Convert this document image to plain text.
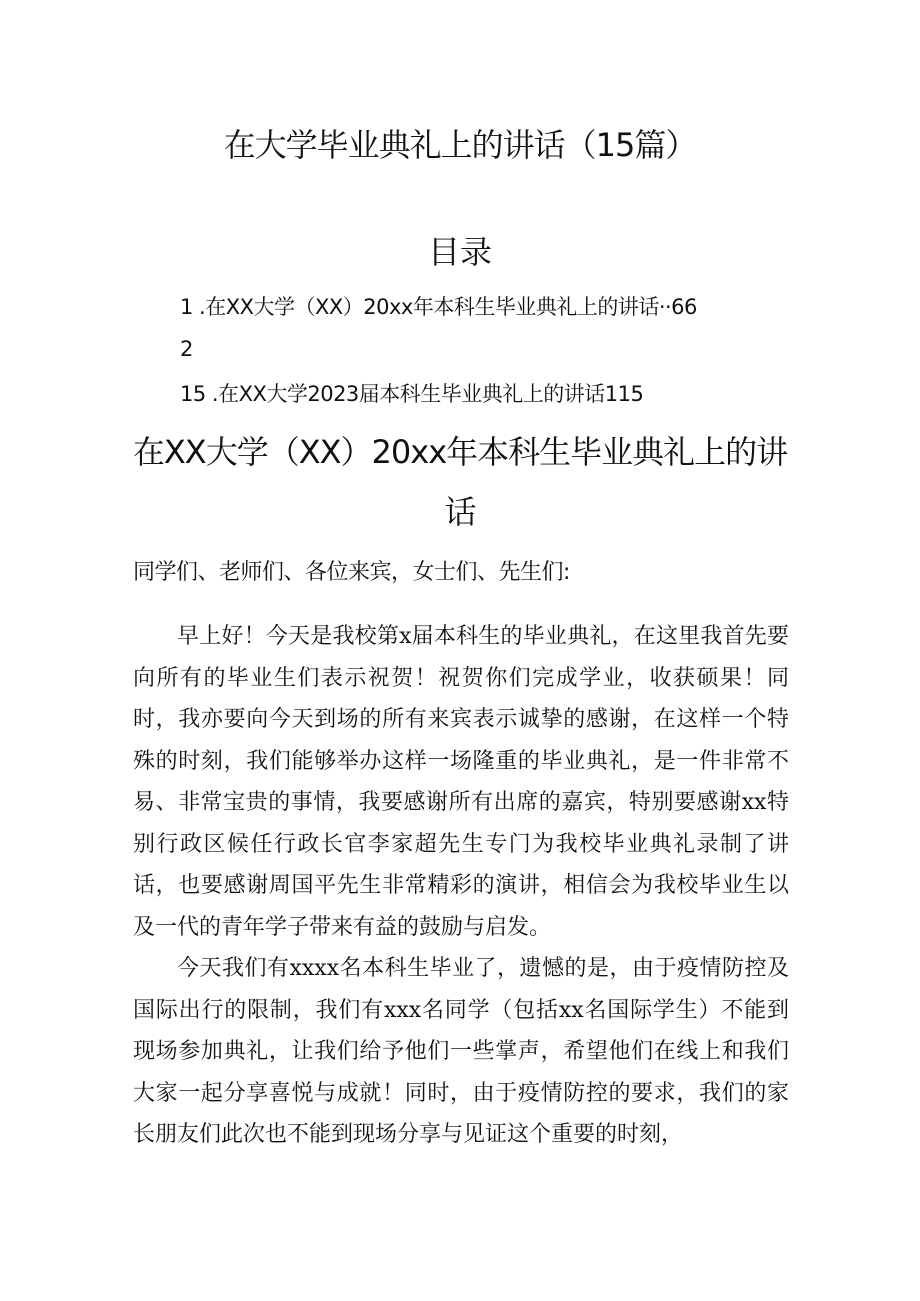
在大学毕业典礼上的讲话（15篇）
目录
1 .在XX大学（XX）20xx年本科生毕业典礼上的讲话··66
2
15 .在XX大学2023届本科生毕业典礼上的讲话115
在XX大学（XX）20xx年本科生毕业典礼上的讲话
同学们、老师们、各位来宾，女士们、先生们:

早上好！今天是我校第x届本科生的毕业典礼，在这里我首先要向所有的毕业生们表示祝贺！祝贺你们完成学业，收获硕果！同时，我亦要向今天到场的所有来宾表示诚挚的感谢，在这样一个特殊的时刻，我们能够举办这样一场隆重的毕业典礼，是一件非常不易、非常宝贵的事情，我要感谢所有出席的嘉宾，特别要感谢xx特别行政区候任行政长官李家超先生专门为我校毕业典礼录制了讲话，也要感谢周国平先生非常精彩的演讲，相信会为我校毕业生以及一代的青年学子带来有益的鼓励与启发。

今天我们有xxxx名本科生毕业了，遗憾的是，由于疫情防控及国际出行的限制，我们有xxx名同学（包括xx名国际学生）不能到现场参加典礼，让我们给予他们一些掌声，希望他们在线上和我们大家一起分享喜悦与成就！同时，由于疫情防控的要求，我们的家长朋友们此次也不能到现场分享与见证这个重要的时刻，
